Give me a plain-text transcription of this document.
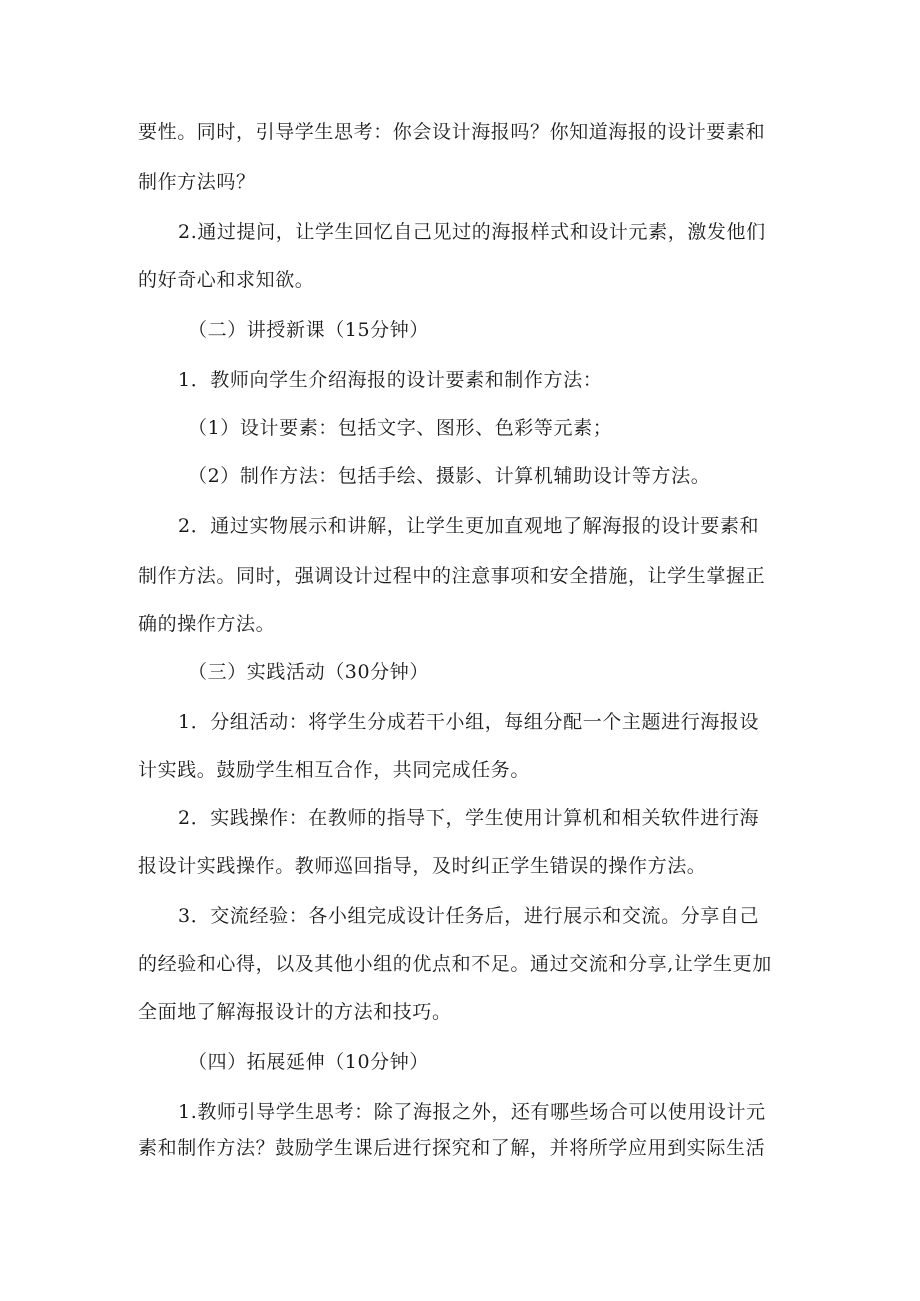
要性。同时，引导学生思考：你会设计海报吗？你知道海报的设计要素和
制作方法吗？
2.通过提问，让学生回忆自己见过的海报样式和设计元素，激发他们
的好奇心和求知欲。
（二）讲授新课（15分钟）
1．教师向学生介绍海报的设计要素和制作方法：
（1）设计要素：包括文字、图形、色彩等元素；
（2）制作方法：包括手绘、摄影、计算机辅助设计等方法。
2．通过实物展示和讲解，让学生更加直观地了解海报的设计要素和
制作方法。同时，强调设计过程中的注意事项和安全措施，让学生掌握正
确的操作方法。
（三）实践活动（30分钟）
1．分组活动：将学生分成若干小组，每组分配一个主题进行海报设
计实践。鼓励学生相互合作，共同完成任务。
2．实践操作：在教师的指导下，学生使用计算机和相关软件进行海
报设计实践操作。教师巡回指导，及时纠正学生错误的操作方法。
3．交流经验：各小组完成设计任务后，进行展示和交流。分享自己
的经验和心得，以及其他小组的优点和不足。通过交流和分享,让学生更加
全面地了解海报设计的方法和技巧。
（四）拓展延伸（10分钟）
1.教师引导学生思考：除了海报之外，还有哪些场合可以使用设计元
素和制作方法？鼓励学生课后进行探究和了解，并将所学应用到实际生活
